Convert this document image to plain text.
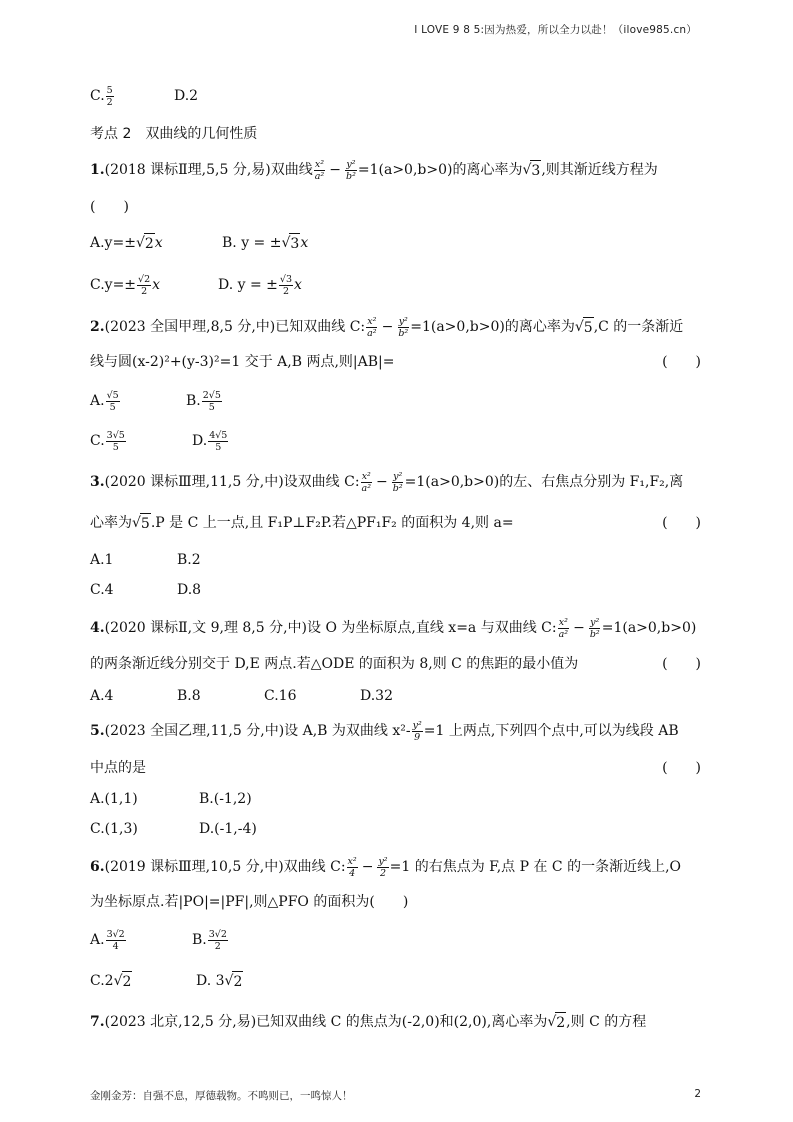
I LOVE 9 8 5:因为热爱，所以全力以赴！（ilove985.cn）
C. $\frac{5}{2}$	D.2
考点 2　双曲线的几何性质
1. (2018 课标Ⅱ理,5,5 分,易)双曲线 $\frac{\text{x²}}{\text{a²}} - \frac{\text{y²}}{\text{b²}} =1(a>0,b>0)$的离心率为 √ 3 ,则其渐近线方程为
(　　)
A.y=± √ 2 x	B. y = ± √ 3 x
$C.y=\pm \frac{√2}{2}$ x	D. y = ± $\frac{√3}{2}$ x
2. (2023 全国甲理,8,5 分,中)已知双曲线 C: $\frac{\text{x²}}{\text{a²}} - \frac{\text{y²}}{\text{b²}} =1(a>0,b>0)$的离心率为 √ 5 ,C 的一条渐近
线与圆(x-2)²+(y-3)²=1 交于 A,B 两点,则|AB|=	(　　)
A. $\frac{√5}{5}$	B. $\frac{2√5}{5}$
C. $\frac{3√5}{5}$	D. $\frac{4√5}{5}$
3. (2020 课标Ⅲ理,11,5 分,中)设双曲线 C: $\frac{\text{x²}}{\text{a²}} - \frac{\text{y²}}{\text{b²}} =1(a>0,b>0)$的左、右焦点分别为 F₁,F₂,离
心率为 √ 5 .P 是 C 上一点,且 F₁P⊥F₂P.若△PF₁F₂ 的面积为 4,则 a=	(　　)
A.1	B.2
C.4	D.8
4. (2020 课标Ⅱ,文 9,理 8,5 分,中)设 O 为坐标原点,直线 x=a 与双曲线 C: $\frac{\text{x²}}{\text{a²}} - \frac{\text{y²}}{\text{b²}} =1(a>0,b>0)$
的两条渐近线分别交于 D,E 两点.若△ODE 的面积为 8,则 C 的焦距的最小值为	(　　)
A.4	B.8	C.16	D.32
5. (2023 全国乙理,11,5 分,中)设 A,B 为双曲线 $x^2- \frac{\text{y²}}{9} =1$ 上两点,下列四个点中,可以为线段 AB
中点的是	(　　)
A.(1,1)	B.(-1,2)
C.(1,3)	D.(-1,-4)
6. (2019 课标Ⅲ理,10,5 分,中)双曲线 C: $\frac{\text{x²}}{4} - \frac{\text{y²}}{2} =1$ 的右焦点为 F,点 P 在 C 的一条渐近线上,O
为坐标原点.若|PO|=|PF|,则△PFO 的面积为(　　)
A. $\frac{3√2}{4}$	B. $\frac{3√2}{2}$
C.2 √ 2	D. 3 √ 2
7. (2023 北京,12,5 分,易)已知双曲线 C 的焦点为(-2,0)和(2,0),离心率为 √ 2 ,则 C 的方程
金刚金芳：自强不息，厚德载物。不鸣则已，一鸣惊人！	2
